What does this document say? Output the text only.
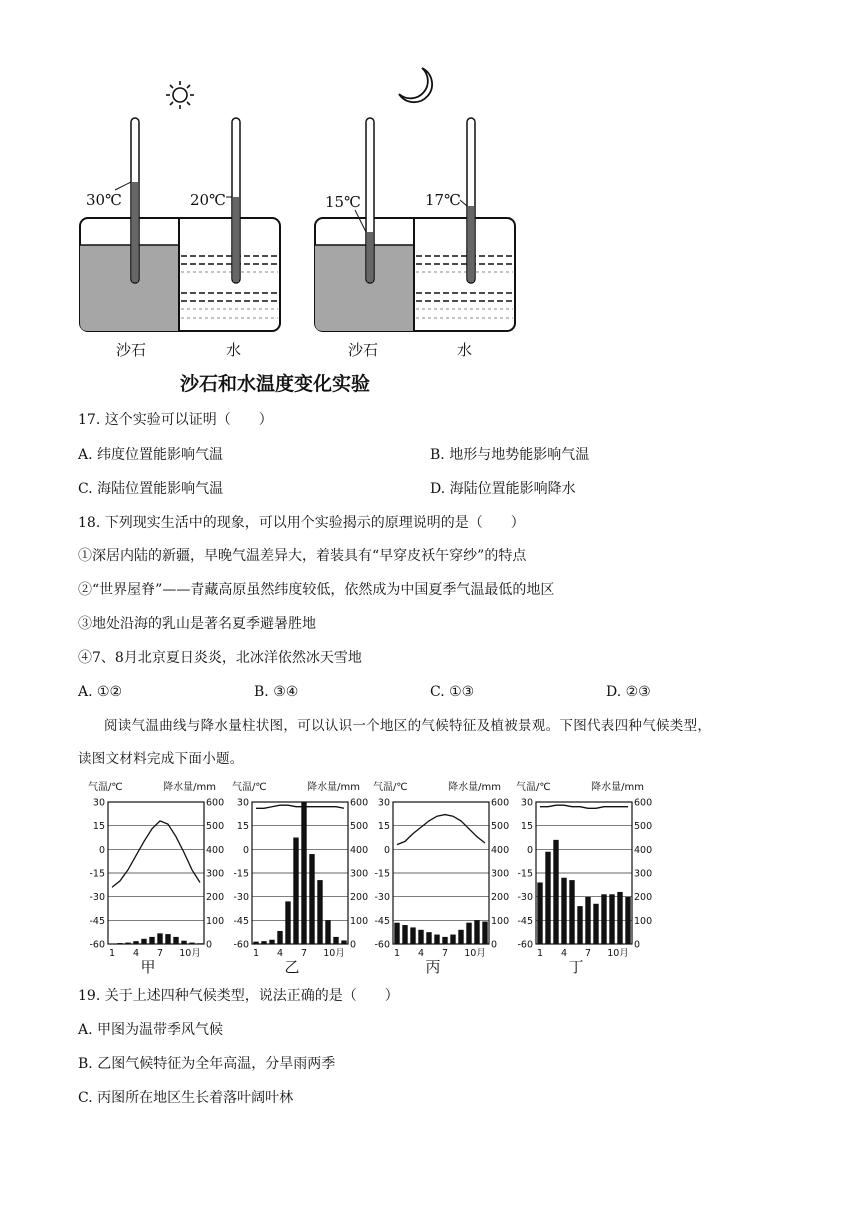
30℃	20℃	15℃	17℃
沙石	水	沙石	水
沙石和水温度变化实验
17. 这个实验可以证明（　　）
A. 纬度位置能影响气温	B. 地形与地势能影响气温
C. 海陆位置能影响气温	D. 海陆位置能影响降水
18. 下列现实生活中的现象，可以用个实验揭示的原理说明的是（　　）
①深居内陆的新疆，早晚气温差异大，着装具有“早穿皮袄午穿纱”的特点
②“世界屋脊”——青藏高原虽然纬度较低，依然成为中国夏季气温最低的地区
③地处沿海的乳山是著名夏季避暑胜地
④7、8月北京夏日炎炎，北冰洋依然冰天雪地
A. ①②	B. ③④	C. ①③	D. ②③
阅读气温曲线与降水量柱状图，可以认识一个地区的气候特征及植被景观。下图代表四种气候类型，
读图文材料完成下面小题。
气温/℃	降水量/mm
30	600
15	500
0	400
-15	300
-30	200
-45	100
-60	0
1 4 7 10月
甲
气温/℃	降水量/mm
30	600
15	500
0	400
-15	300
-30	200
-45	100
-60	0
1 4 7 10月
乙
气温/℃	降水量/mm
30	600
15	500
0	400
-15	300
-30	200
-45	100
-60	0
1 4 7 10月
丙
气温/℃	降水量/mm
30	600
15	500
0	400
-15	300
-30	200
-45	100
-60	0
1 4 7 10月
丁
19. 关于上述四种气候类型，说法正确的是（　　）
A. 甲图为温带季风气候
B. 乙图气候特征为全年高温，分旱雨两季
C. 丙图所在地区生长着落叶阔叶林
